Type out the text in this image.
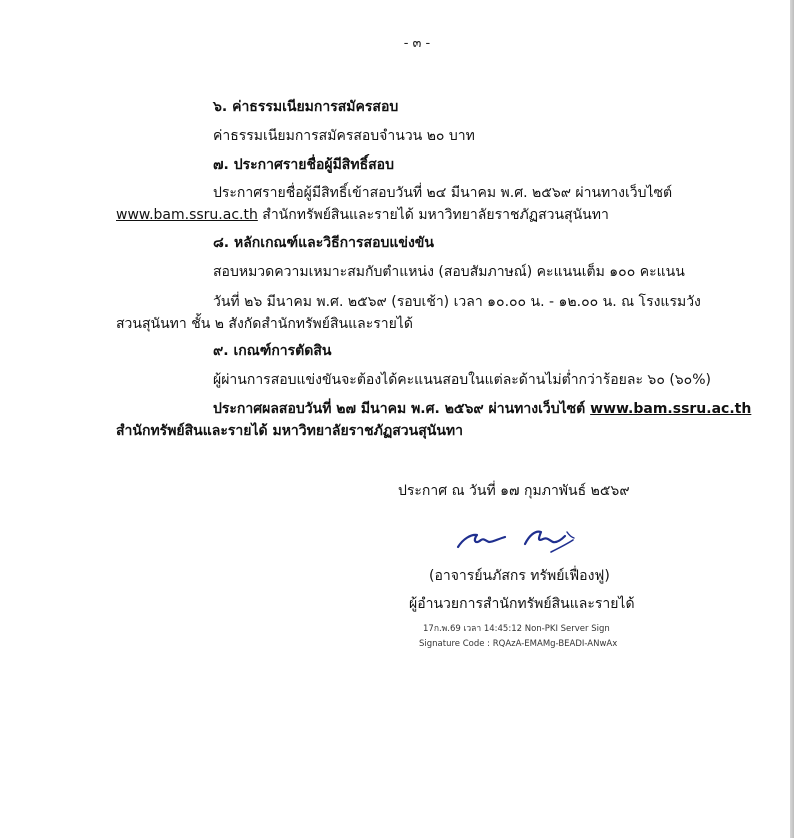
- ๓ -
๖. ค่าธรรมเนียมการสมัครสอบ
ค่าธรรมเนียมการสมัครสอบจำนวน ๒๐ บาท
๗. ประกาศรายชื่อผู้มีสิทธิ์สอบ
ประกาศรายชื่อผู้มีสิทธิ์เข้าสอบวันที่ ๒๔ มีนาคม พ.ศ. ๒๕๖๙ ผ่านทางเว็บไซต์
www.bam.ssru.ac.th สำนักทรัพย์สินและรายได้ มหาวิทยาลัยราชภัฏสวนสุนันทา
๘. หลักเกณฑ์และวิธีการสอบแข่งขัน
สอบหมวดความเหมาะสมกับตำแหน่ง (สอบสัมภาษณ์) คะแนนเต็ม ๑๐๐ คะแนน
วันที่ ๒๖ มีนาคม พ.ศ. ๒๕๖๙ (รอบเช้า) เวลา ๑๐.๐๐ น. - ๑๒.๐๐ น. ณ โรงแรมวัง
สวนสุนันทา ชั้น ๒ สังกัดสำนักทรัพย์สินและรายได้
๙. เกณฑ์การตัดสิน
ผู้ผ่านการสอบแข่งขันจะต้องได้คะแนนสอบในแต่ละด้านไม่ต่ำกว่าร้อยละ ๖๐ (๖๐%)
ประกาศผลสอบวันที่ ๒๗ มีนาคม พ.ศ. ๒๕๖๙ ผ่านทางเว็บไซต์ www.bam.ssru.ac.th
สำนักทรัพย์สินและรายได้ มหาวิทยาลัยราชภัฏสวนสุนันทา
ประกาศ ณ วันที่ ๑๗ กุมภาพันธ์ ๒๕๖๙
(อาจารย์นภัสกร ทรัพย์เฟื่องฟู)
ผู้อำนวยการสำนักทรัพย์สินและรายได้
17ก.พ.69 เวลา 14:45:12 Non-PKI Server Sign
Signature Code : RQAzA-EMAMg-BEADI-ANwAx
